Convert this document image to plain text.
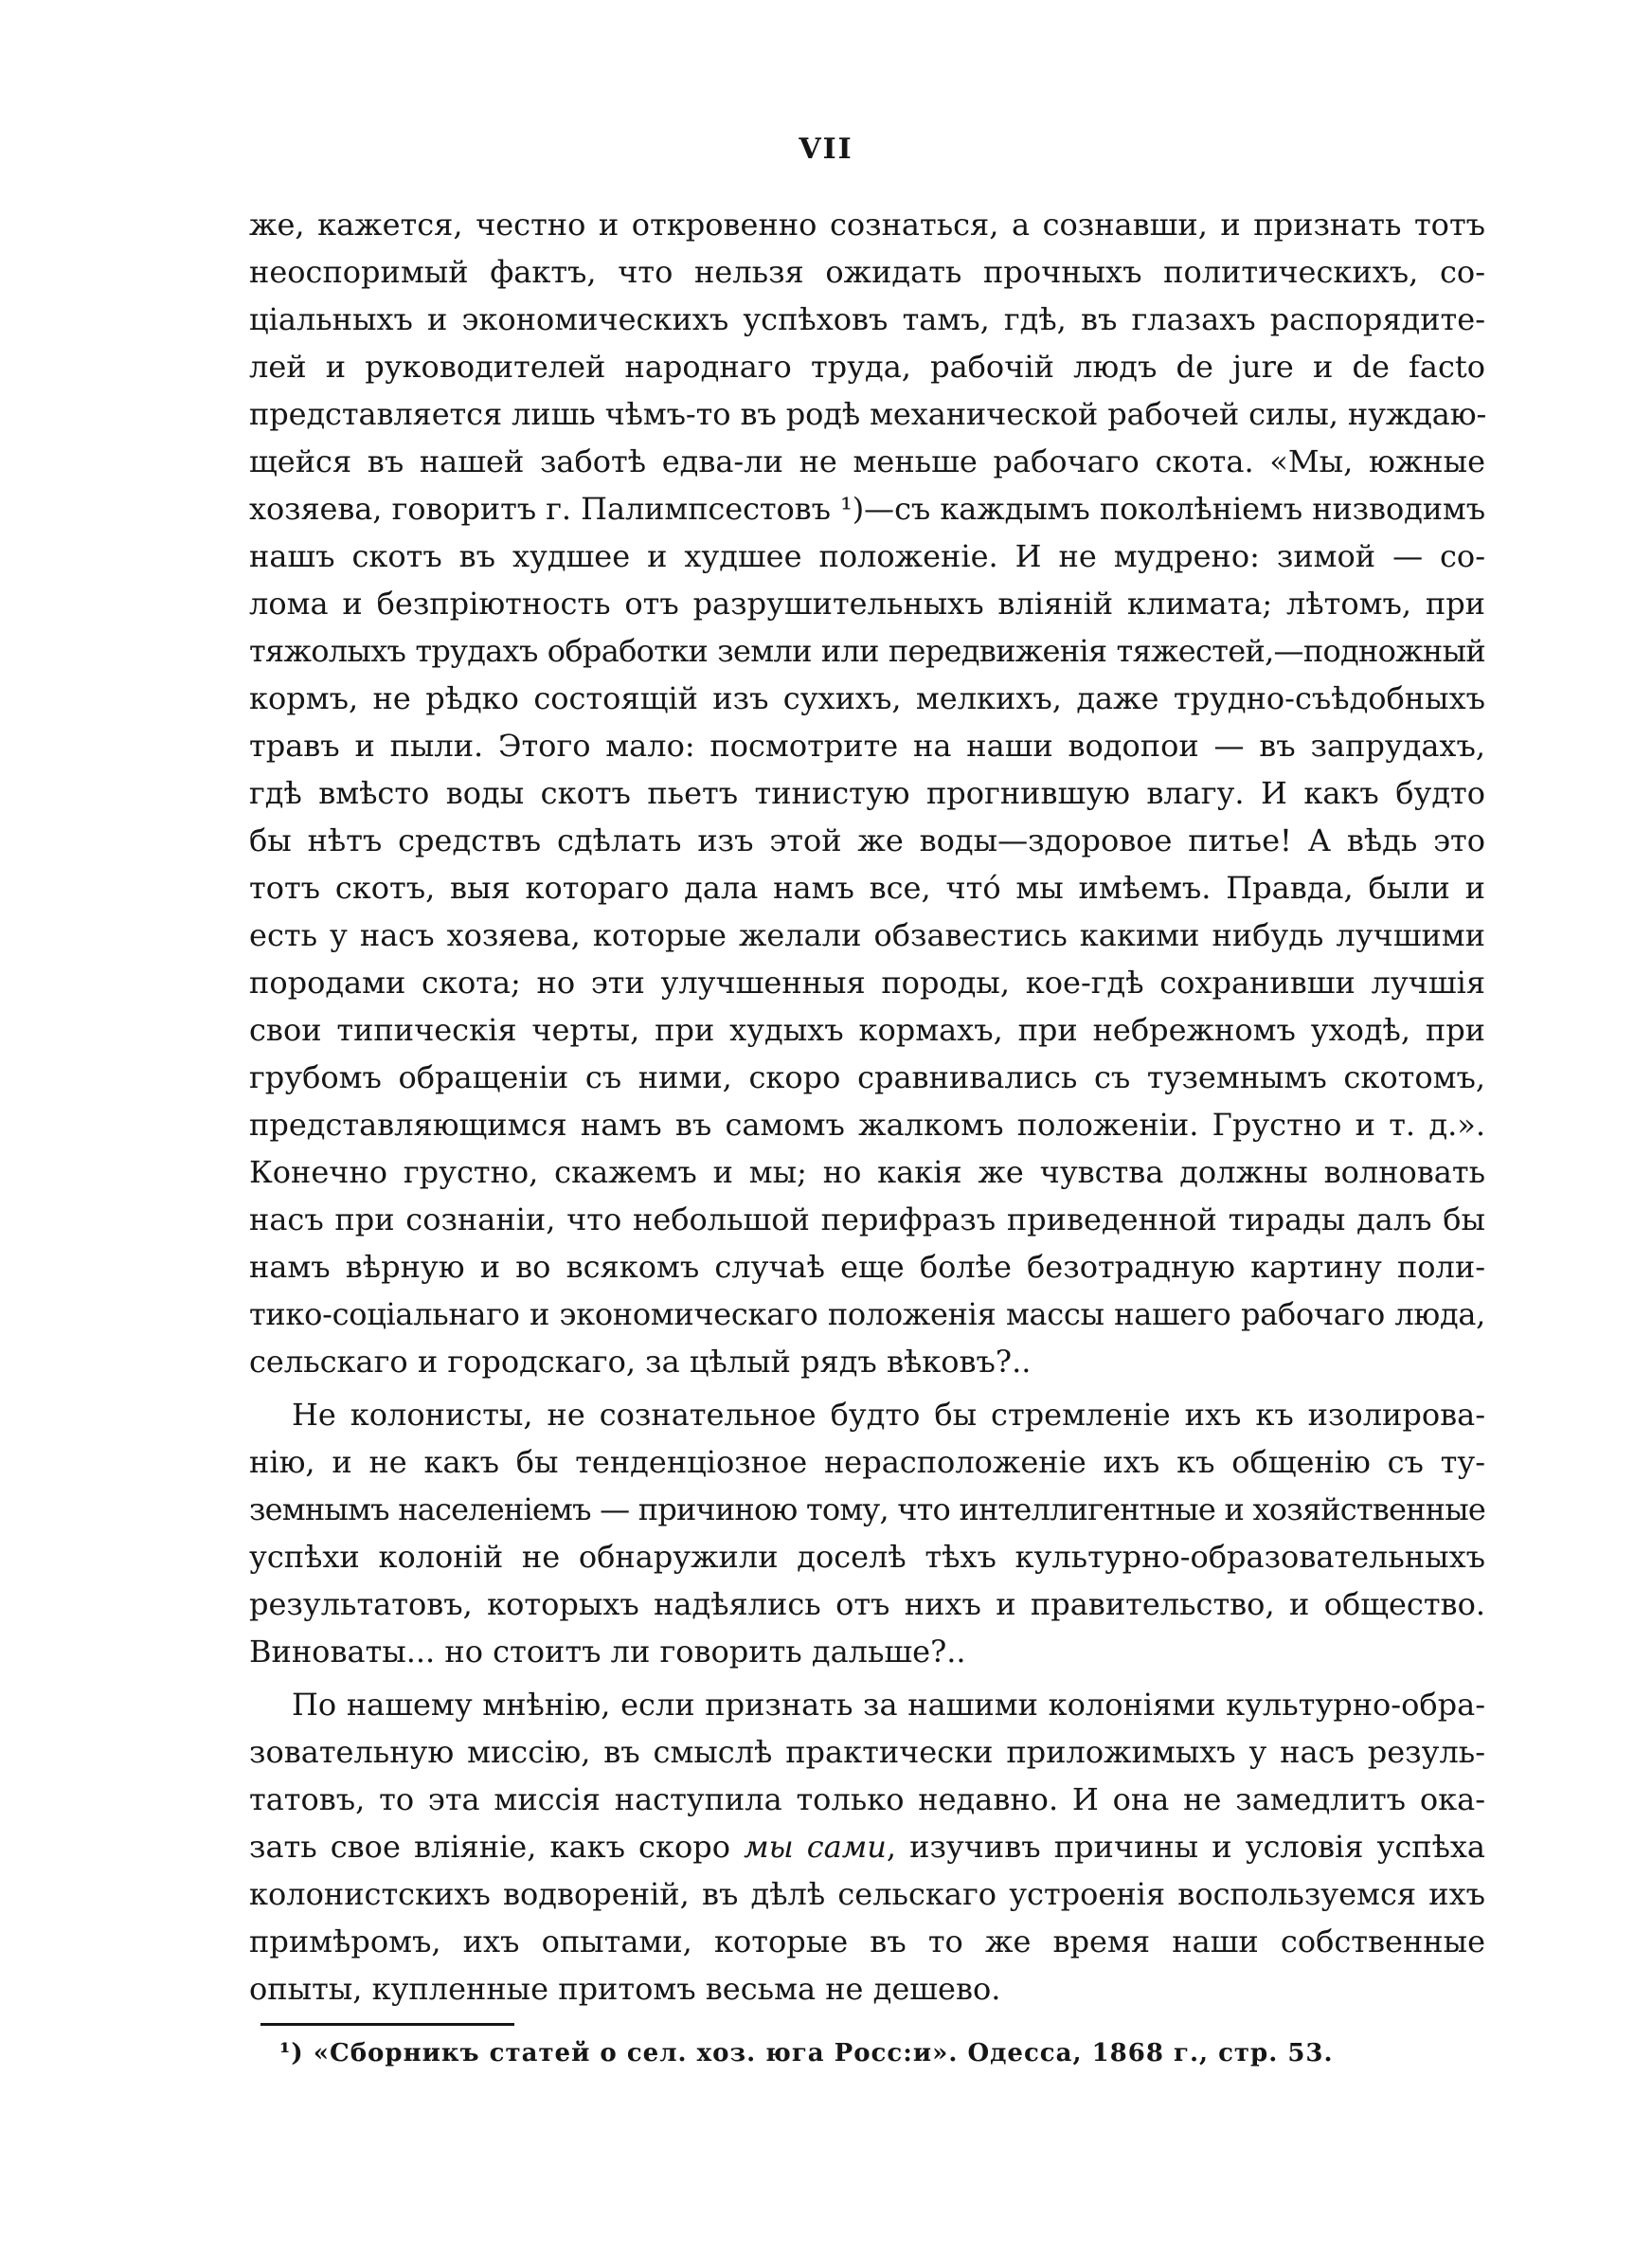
VII
же, кажется, честно и откровенно сознаться, а сознавши, и признать тотъ
неоспоримый фактъ, что нельзя ожидать прочныхъ политическихъ, со-
ціальныхъ и экономическихъ успѣховъ тамъ, гдѣ, въ глазахъ распорядите-
лей и руководителей народнаго труда, рабочій людъ de jure и de facto
представляется лишь чѣмъ-то въ родѣ механической рабочей силы, нуждаю-
щейся въ нашей заботѣ едва-ли не меньше рабочаго скота. «Мы, южные
хозяева, говоритъ г. Палимпсестовъ ¹)—съ каждымъ поколѣніемъ низводимъ
нашъ скотъ въ худшее и худшее положеніе. И не мудрено: зимой — со-
лома и безпріютность отъ разрушительныхъ вліяній климата; лѣтомъ, при
тяжолыхъ трудахъ обработки земли или передвиженія тяжестей,—подножный
кормъ, не рѣдко состоящій изъ сухихъ, мелкихъ, даже трудно-съѣдобныхъ
травъ и пыли. Этого мало: посмотрите на наши водопои — въ запрудахъ,
гдѣ вмѣсто воды скотъ пьетъ тинистую прогнившую влагу. И какъ будто
бы нѣтъ средствъ сдѣлать изъ этой же воды—здоровое питье! А вѣдь это
тотъ скотъ, выя котораго дала намъ все, что́ мы имѣемъ. Правда, были и
есть у насъ хозяева, которые желали обзавестись какими нибудь лучшими
породами скота; но эти улучшенныя породы, кое-гдѣ сохранивши лучшія
свои типическія черты, при худыхъ кормахъ, при небрежномъ уходѣ, при
грубомъ обращеніи съ ними, скоро сравнивались съ туземнымъ скотомъ,
представляющимся намъ въ самомъ жалкомъ положеніи. Грустно и т. д.».
Конечно грустно, скажемъ и мы; но какія же чувства должны волновать
насъ при сознаніи, что небольшой перифразъ приведенной тирады далъ бы
намъ вѣрную и во всякомъ случаѣ еще болѣе безотрадную картину поли-
тико-соціальнаго и экономическаго положенія массы нашего рабочаго люда,
сельскаго и городскаго, за цѣлый рядъ вѣковъ?..
Не колонисты, не сознательное будто бы стремленіе ихъ къ изолирова-
нію, и не какъ бы тенденціозное нерасположеніе ихъ къ общенію съ ту-
земнымъ населеніемъ — причиною тому, что интеллигентные и хозяйственные
успѣхи колоній не обнаружили доселѣ тѣхъ культурно-образовательныхъ
результатовъ, которыхъ надѣялись отъ нихъ и правительство, и общество.
Виноваты... но стоитъ ли говорить дальше?..
По нашему мнѣнію, если признать за нашими колоніями культурно-обра-
зовательную миссію, въ смыслѣ практически приложимыхъ у насъ резуль-
татовъ, то эта миссія наступила только недавно. И она не замедлитъ ока-
зать свое вліяніе, какъ скоро мы сами, изучивъ причины и условія успѣха
колонистскихъ водвореній, въ дѣлѣ сельскаго устроенія воспользуемся ихъ
примѣромъ, ихъ опытами, которые въ то же время наши собственные
опыты, купленные притомъ весьма не дешево.
¹) «Сборникъ статей о сел. хоз. юга Росс:и». Одесса, 1868 г., стр. 53.
